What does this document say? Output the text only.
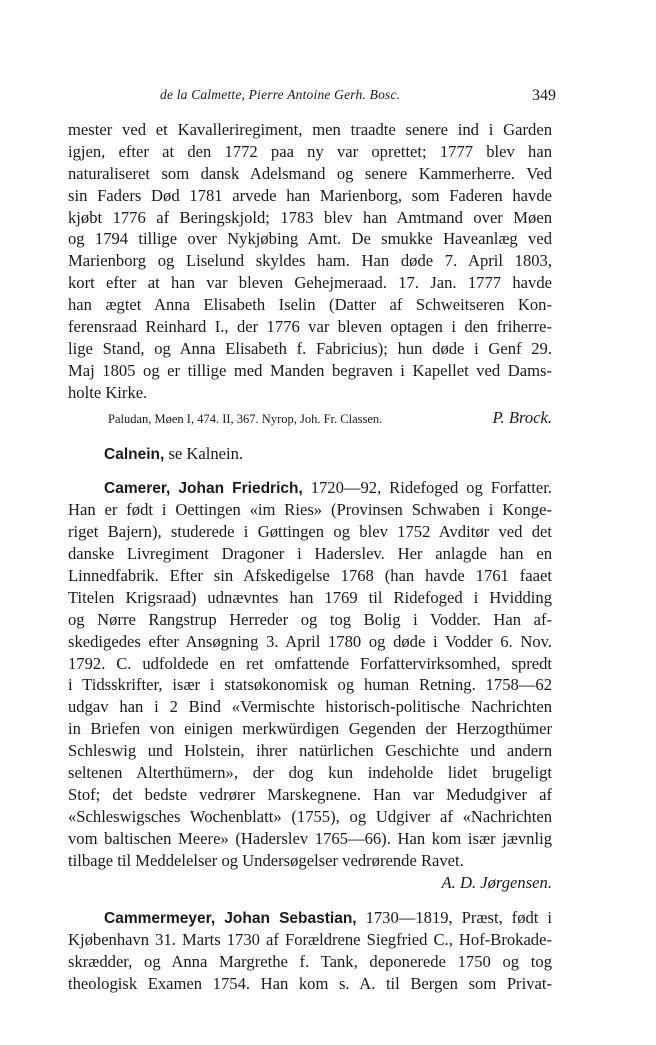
de la Calmette, Pierre Antoine Gerh. Bosc.	349
mester ved et Kavalleriregiment, men traadte senere ind i Garden
igjen, efter at den 1772 paa ny var oprettet; 1777 blev han
naturaliseret som dansk Adelsmand og senere Kammerherre. Ved
sin Faders Død 1781 arvede han Marienborg, som Faderen havde
kjøbt 1776 af Beringskjold; 1783 blev han Amtmand over Møen
og 1794 tillige over Nykjøbing Amt. De smukke Haveanlæg ved
Marienborg og Liselund skyldes ham. Han døde 7. April 1803,
kort efter at han var bleven Gehejmeraad. 17. Jan. 1777 havde
han ægtet Anna Elisabeth Iselin (Datter af Schweitseren Kon-
ferensraad Reinhard I., der 1776 var bleven optagen i den friherre-
lige Stand, og Anna Elisabeth f. Fabricius); hun døde i Genf 29.
Maj 1805 og er tillige med Manden begraven i Kapellet ved Dams-
holte Kirke.
Paludan, Møen I, 474. II, 367. Nyrop, Joh. Fr. Classen.	P. Brock.
Calnein, se Kalnein.
Camerer, Johan Friedrich, 1720—92, Ridefoged og Forfatter.
Han er født i Oettingen «im Ries» (Provinsen Schwaben i Konge-
riget Bajern), studerede i Gøttingen og blev 1752 Avditør ved det
danske Livregiment Dragoner i Haderslev. Her anlagde han en
Linnedfabrik. Efter sin Afskedigelse 1768 (han havde 1761 faaet
Titelen Krigsraad) udnævntes han 1769 til Ridefoged i Hvidding
og Nørre Rangstrup Herreder og tog Bolig i Vodder. Han af-
skedigedes efter Ansøgning 3. April 1780 og døde i Vodder 6. Nov.
1792. C. udfoldede en ret omfattende Forfattervirksomhed, spredt
i Tidsskrifter, især i statsøkonomisk og human Retning. 1758—62
udgav han i 2 Bind «Vermischte historisch-politische Nachrichten
in Briefen von einigen merkwürdigen Gegenden der Herzogthümer
Schleswig und Holstein, ihrer natürlichen Geschichte und andern
seltenen Alterthümern», der dog kun indeholde lidet brugeligt
Stof; det bedste vedrører Marskegnene. Han var Medudgiver af
«Schleswigsches Wochenblatt» (1755), og Udgiver af «Nachrichten
vom baltischen Meere» (Haderslev 1765—66). Han kom især jævnlig
tilbage til Meddelelser og Undersøgelser vedrørende Ravet.
A. D. Jørgensen.
Cammermeyer, Johan Sebastian, 1730—1819, Præst, født i
Kjøbenhavn 31. Marts 1730 af Forældrene Siegfried C., Hof-Brokade-
skrædder, og Anna Margrethe f. Tank, deponerede 1750 og tog
theologisk Examen 1754. Han kom s. A. til Bergen som Privat-
